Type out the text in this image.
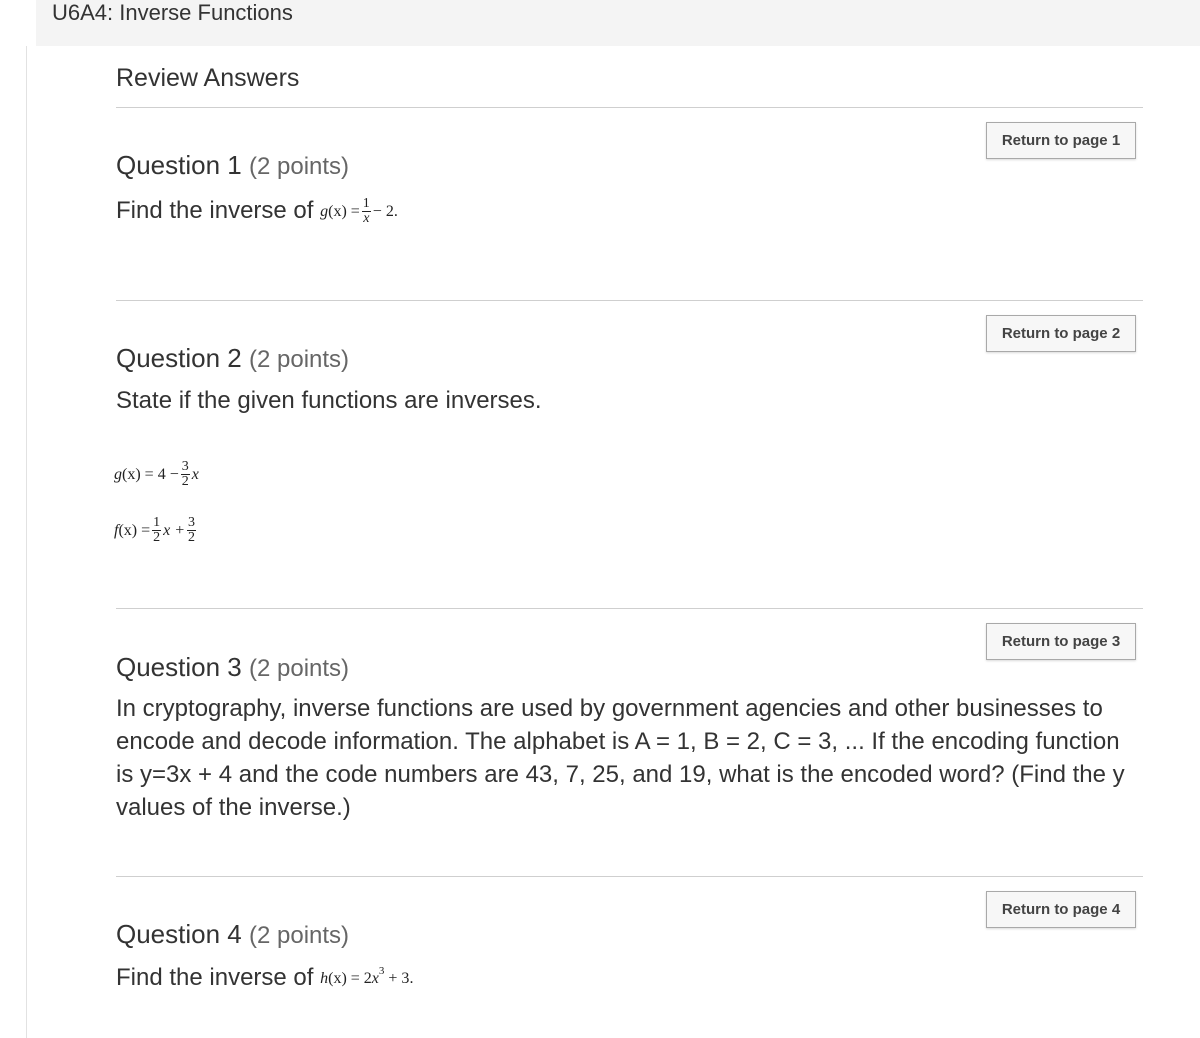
U6A4: Inverse Functions
Review Answers
Return to page 1
Question 1 (2 points)
Find the inverse of g (x)
= $\frac{1}{x} - 2$ .
Return to page 2
Question 2 (2 points)
State if the given functions are inverses.
g (x)
=
$4 - \frac{3}{2}$ x
f (x)
= $\frac{1}{2}$ $x + \frac{3}{2}$
Return to page 3
Question 3 (2 points)
In cryptography, inverse functions are used by government agencies and other businesses to encode and decode information. The alphabet is A = 1, B = 2, C = 3, ... If the encoding function is y=3x + 4 and the code numbers are 43, 7, 25, and 19, what is the encoded word? (Find the y values of the inverse.)
Return to page 4
Question 4 (2 points)
Find the inverse of h (x)
=
2 x 3
+ 3 .
